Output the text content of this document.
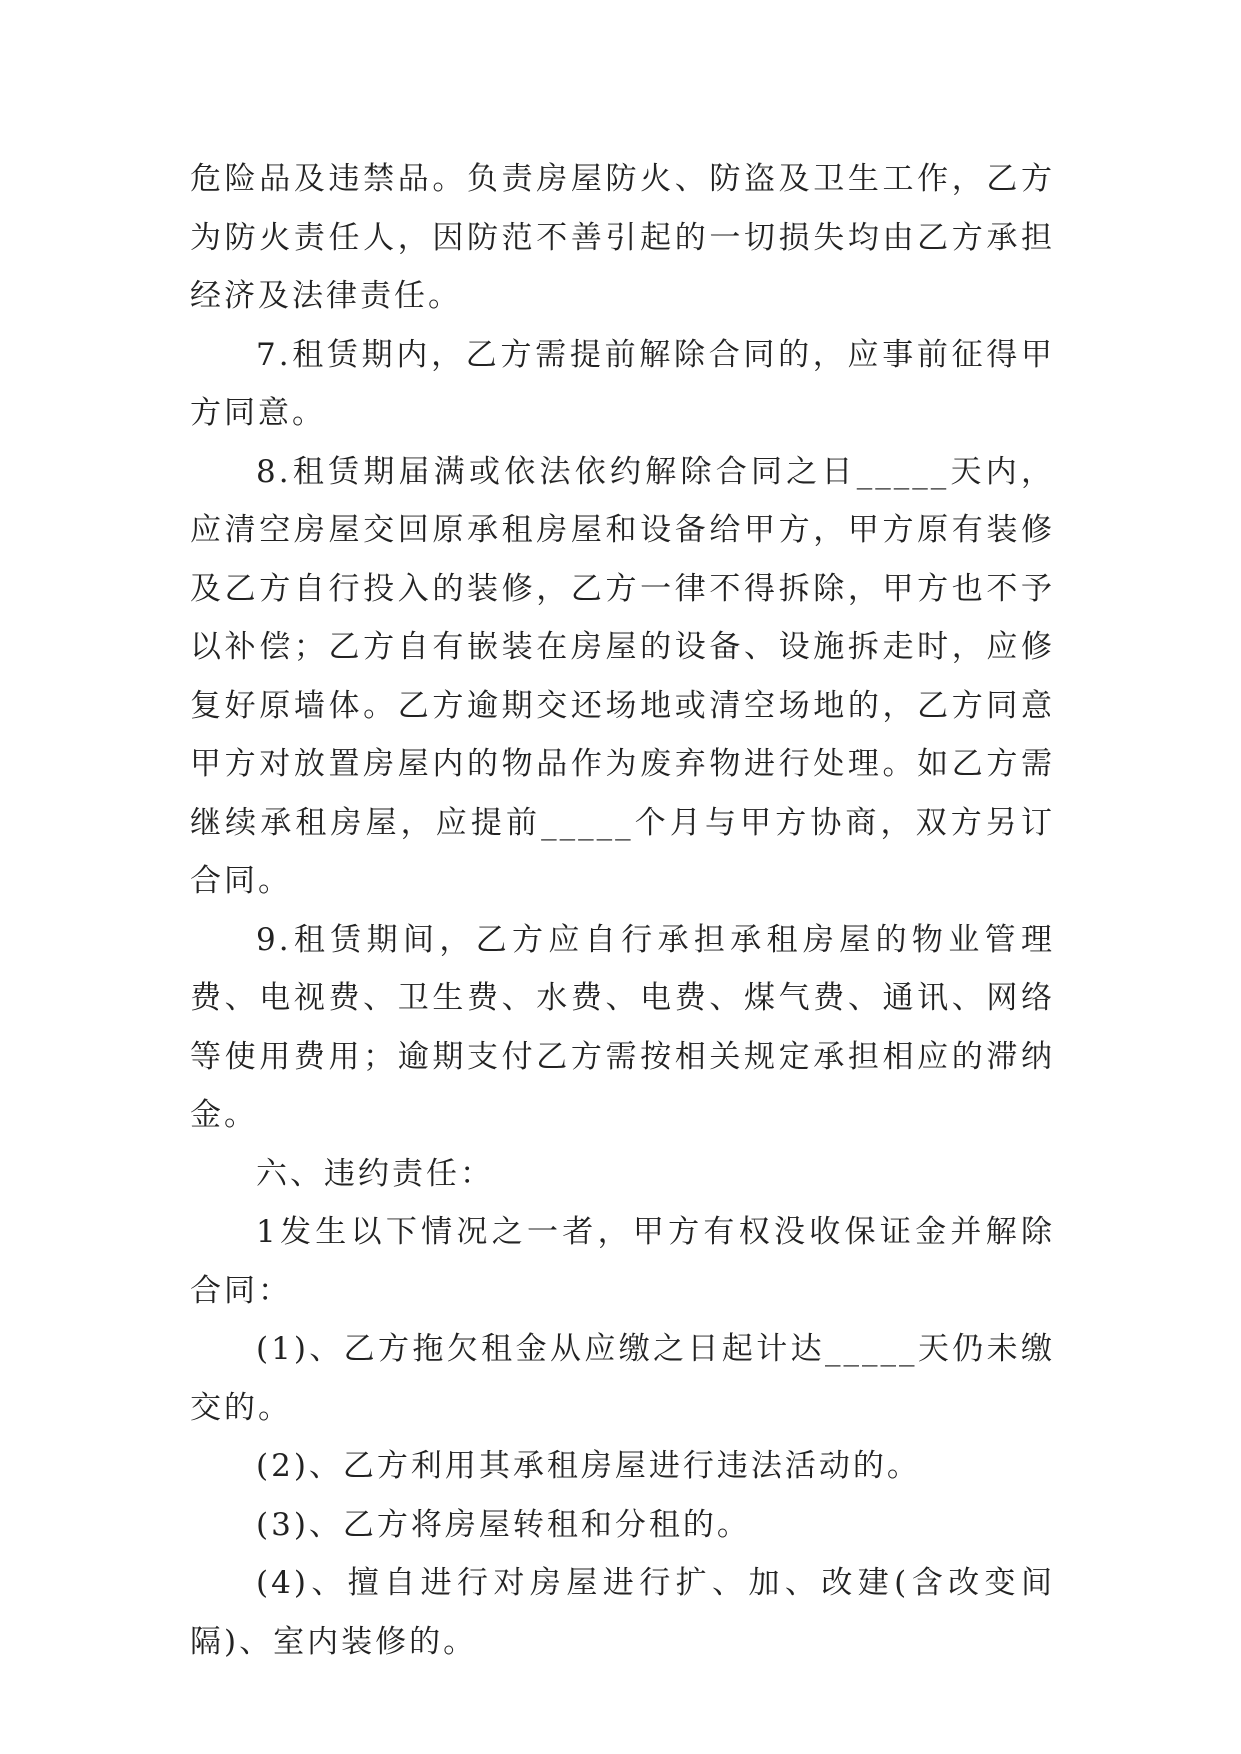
危险品及违禁品。负责房屋防火、防盗及卫生工作，乙方为防火责任人，因防范不善引起的一切损失均由乙方承担经济及法律责任。

7.租赁期内，乙方需提前解除合同的，应事前征得甲方同意。

8.租赁期届满或依法依约解除合同之日_____天内，应清空房屋交回原承租房屋和设备给甲方，甲方原有装修及乙方自行投入的装修，乙方一律不得拆除，甲方也不予以补偿；乙方自有嵌装在房屋的设备、设施拆走时，应修复好原墙体。乙方逾期交还场地或清空场地的，乙方同意甲方对放置房屋内的物品作为废弃物进行处理。如乙方需继续承租房屋，应提前_____个月与甲方协商，双方另订合同。

9.租赁期间，乙方应自行承担承租房屋的物业管理费、电视费、卫生费、水费、电费、煤气费、通讯、网络等使用费用；逾期支付乙方需按相关规定承担相应的滞纳金。

六、违约责任：

1发生以下情况之一者，甲方有权没收保证金并解除合同：

(1)、乙方拖欠租金从应缴之日起计达_____天仍未缴交的。

(2)、乙方利用其承租房屋进行违法活动的。

(3)、乙方将房屋转租和分租的。

(4)、擅自进行对房屋进行扩、加、改建(含改变间隔)、室内装修的。
